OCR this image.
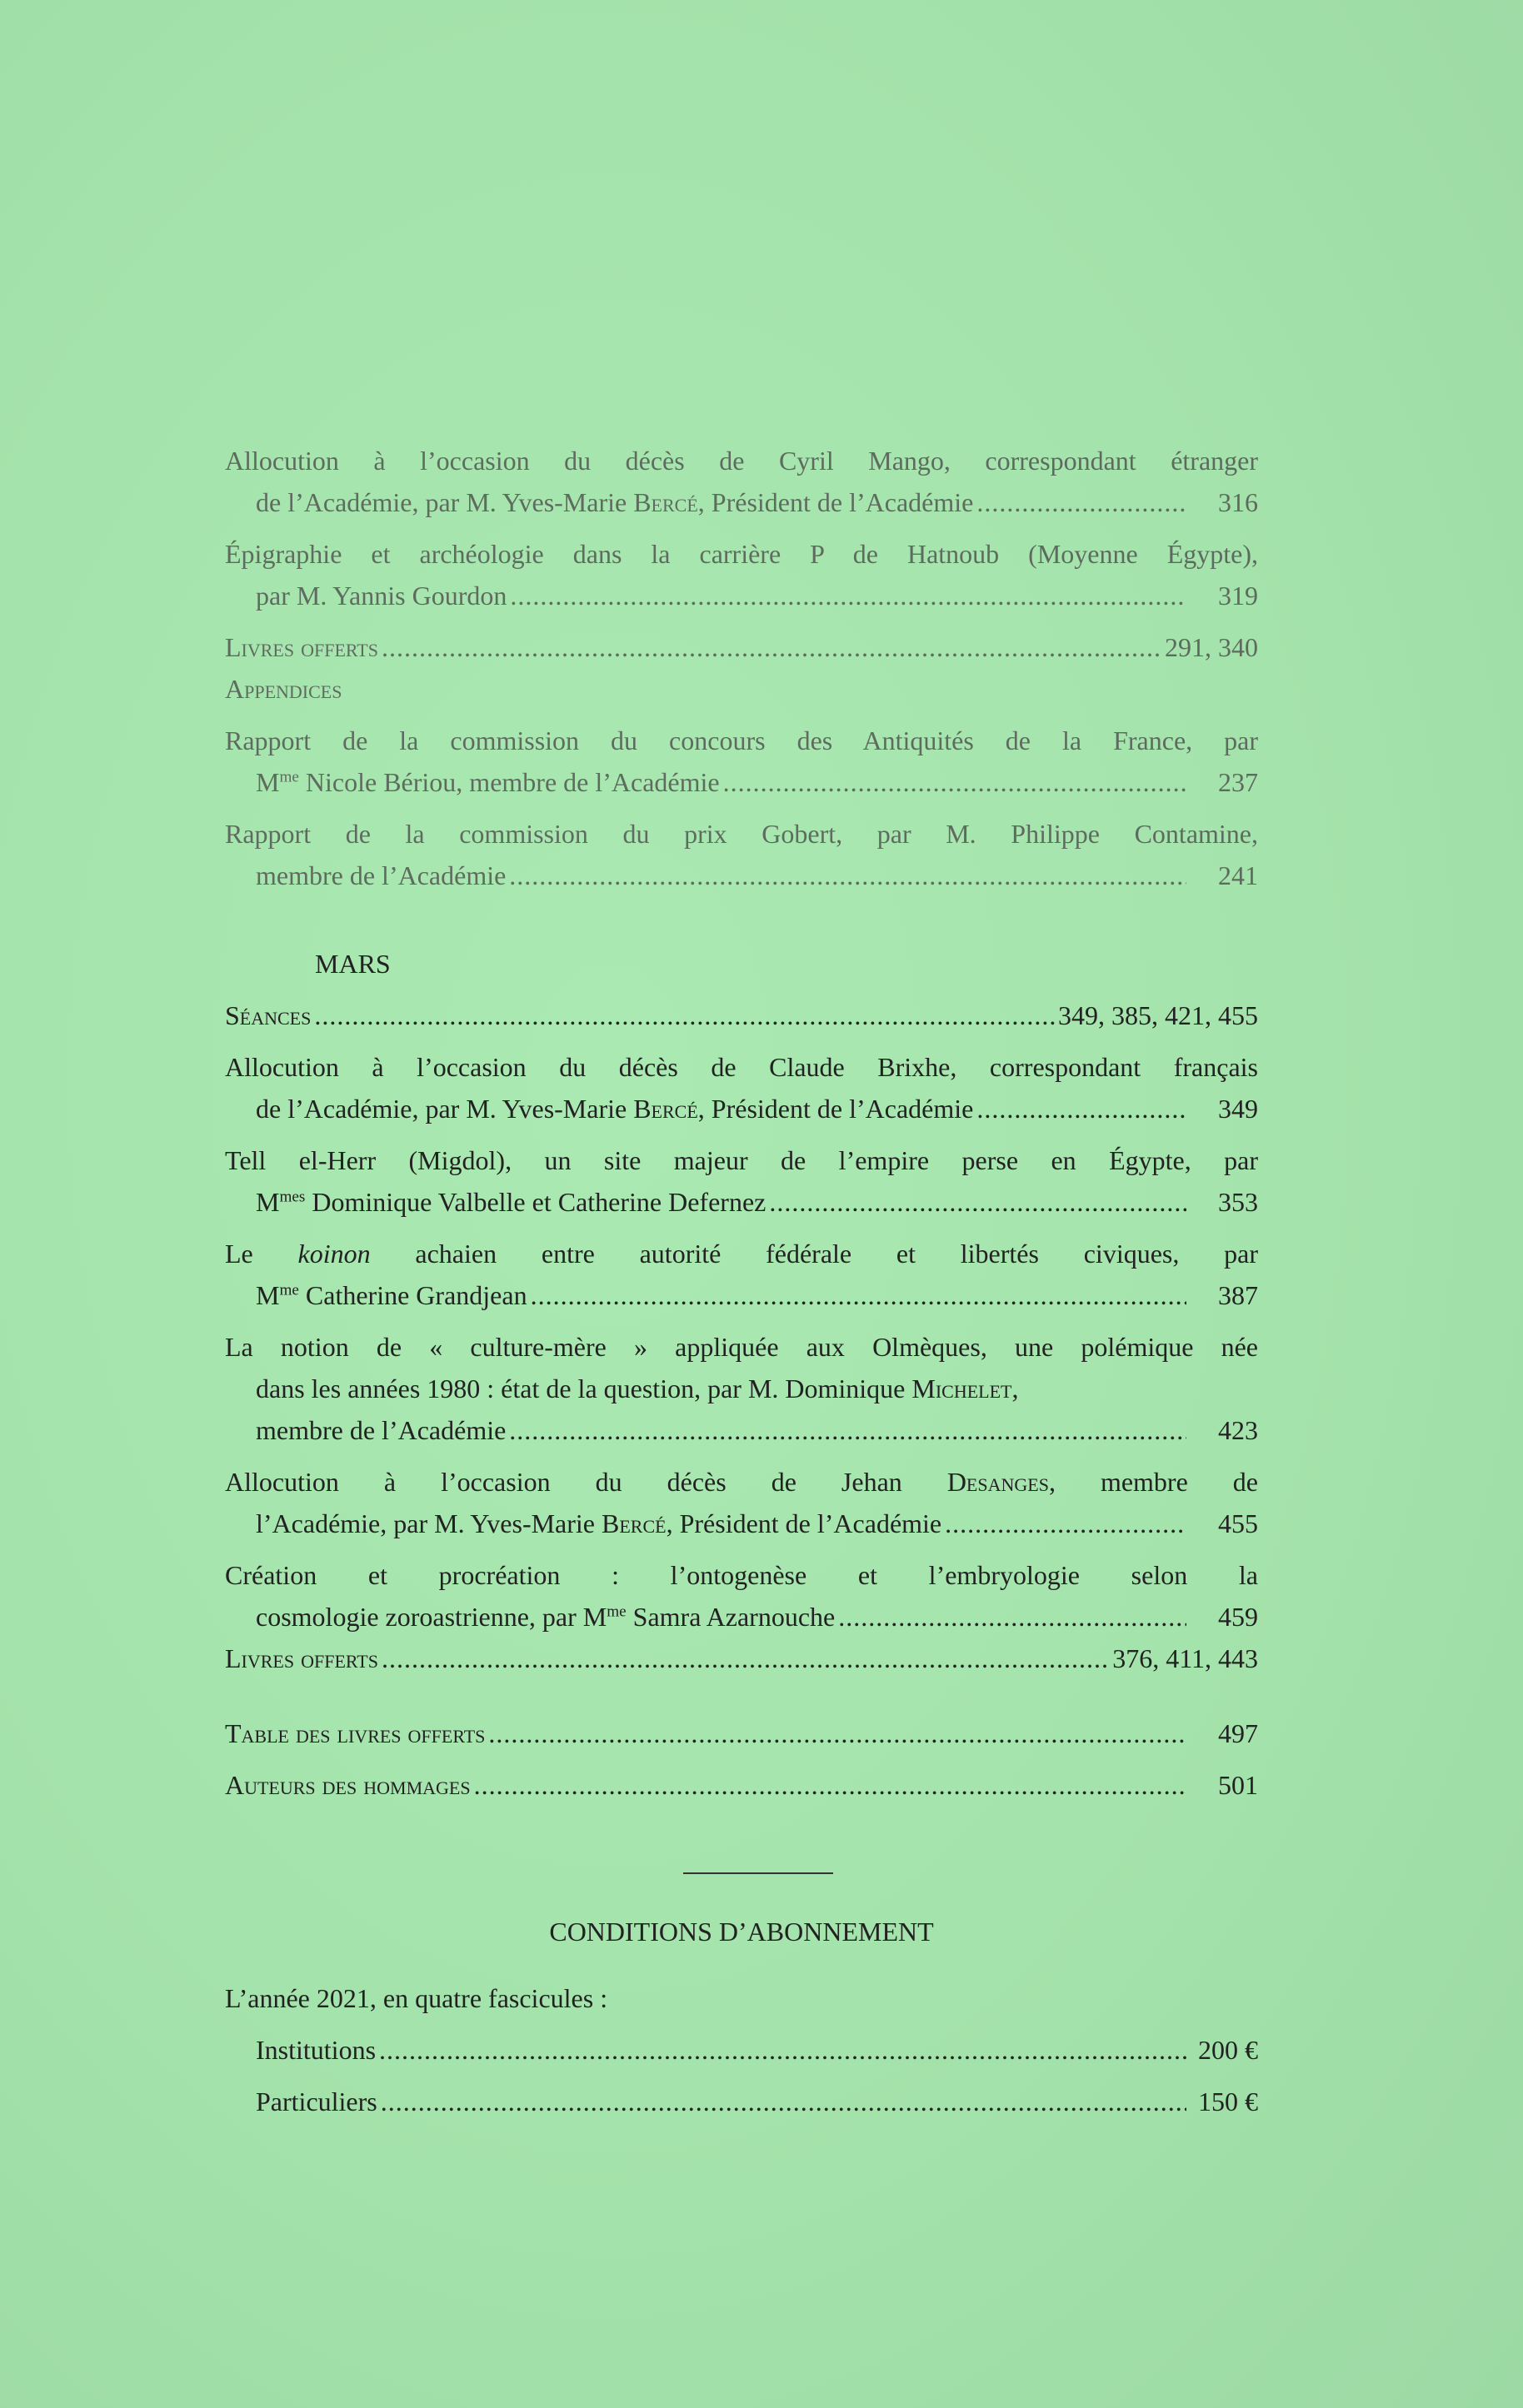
Allocution à l’occasion du décès de Cyril Mango, correspondant étranger
de l’Académie, par M. Yves-Marie Bercé, Président de l’Académie .....	316
Épigraphie et archéologie dans la carrière P de Hatnoub (Moyenne Égypte),
par M. Yannis Gourdon .....	319
Livres offerts .....	291, 340
Appendices
Rapport de la commission du concours des Antiquités de la France, par
$M^{me}$ Nicole Bériou, membre de l’Académie .....	237
Rapport de la commission du prix Gobert, par M. Philippe Contamine,
membre de l’Académie .....	241
MARS
Séances .....	349, 385, 421, 455
Allocution à l’occasion du décès de Claude Brixhe, correspondant français
de l’Académie, par M. Yves-Marie Bercé, Président de l’Académie .....	349
Tell el-Herr (Migdol), un site majeur de l’empire perse en Égypte, par
$M^{mes}$ Dominique Valbelle et Catherine Defernez .....	353
Le koinon achaien entre autorité fédérale et libertés civiques, par
$M^{me}$ Catherine Grandjean .....	387
La notion de « culture-mère » appliquée aux Olmèques, une polémique née
dans les années 1980 : état de la question, par M. Dominique Michelet,
membre de l’Académie .....	423
Allocution à l’occasion du décès de Jehan Desanges, membre de
l’Académie, par M. Yves-Marie Bercé, Président de l’Académie .....	455
Création et procréation : l’ontogenèse et l’embryologie selon la
cosmologie zoroastrienne, par $M^{me}$ Samra Azarnouche .....	459
Livres offerts .....	376, 411, 443
Table des livres offerts .....	497
Auteurs des hommages .....	501
CONDITIONS D’ABONNEMENT
L’année 2021, en quatre fascicules :
Institutions .....	200 €
Particuliers .....	150 €
